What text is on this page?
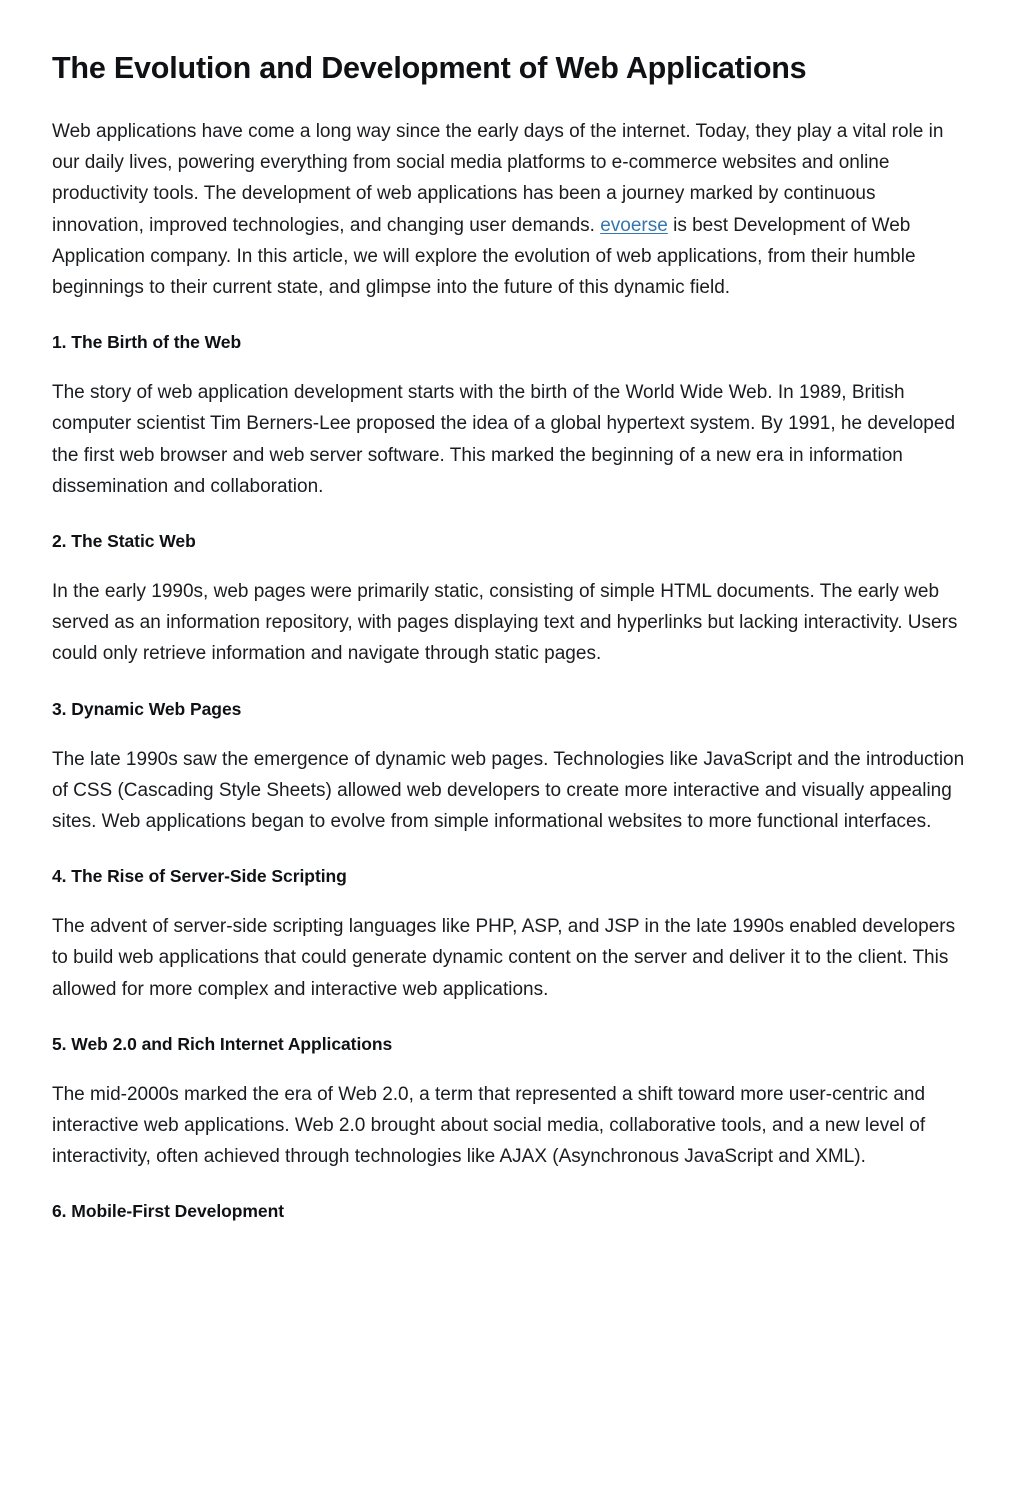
The Evolution and Development of Web Applications

Web applications have come a long way since the early days of the internet. Today, they play a vital role in our daily lives, powering everything from social media platforms to e-commerce websites and online productivity tools. The development of web applications has been a journey marked by continuous innovation, improved technologies, and changing user demands. evoerse is best Development of Web Application company. In this article, we will explore the evolution of web applications, from their humble beginnings to their current state, and glimpse into the future of this dynamic field.

1. The Birth of the Web

The story of web application development starts with the birth of the World Wide Web. In 1989, British computer scientist Tim Berners-Lee proposed the idea of a global hypertext system. By 1991, he developed the first web browser and web server software. This marked the beginning of a new era in information dissemination and collaboration.

2. The Static Web

In the early 1990s, web pages were primarily static, consisting of simple HTML documents. The early web served as an information repository, with pages displaying text and hyperlinks but lacking interactivity. Users could only retrieve information and navigate through static pages.

3. Dynamic Web Pages

The late 1990s saw the emergence of dynamic web pages. Technologies like JavaScript and the introduction of CSS (Cascading Style Sheets) allowed web developers to create more interactive and visually appealing sites. Web applications began to evolve from simple informational websites to more functional interfaces.

4. The Rise of Server-Side Scripting

The advent of server-side scripting languages like PHP, ASP, and JSP in the late 1990s enabled developers to build web applications that could generate dynamic content on the server and deliver it to the client. This allowed for more complex and interactive web applications.

5. Web 2.0 and Rich Internet Applications

The mid-2000s marked the era of Web 2.0, a term that represented a shift toward more user-centric and interactive web applications. Web 2.0 brought about social media, collaborative tools, and a new level of interactivity, often achieved through technologies like AJAX (Asynchronous JavaScript and XML).

6. Mobile-First Development
